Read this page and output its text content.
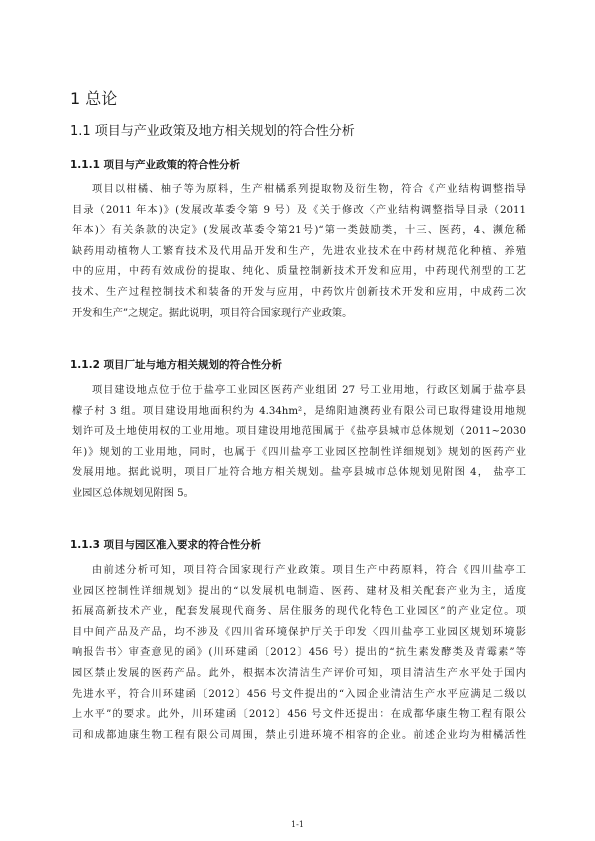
1 总论
1.1 项目与产业政策及地方相关规划的符合性分析
1.1.1 项目与产业政策的符合性分析
项目以柑橘、柚子等为原料，生产柑橘系列提取物及衍生物，符合《产业结构调整指导
目录（2011 年本)》(发展改革委令第 9 号）及《关于修改〈产业结构调整指导目录（2011
年本)〉有关条款的决定》(发展改革委令第21号)“第一类鼓励类，十三、医药，4、濒危稀
缺药用动植物人工繁育技术及代用品开发和生产，先进农业技术在中药材规范化种植、养殖
中的应用，中药有效成份的提取、纯化、质量控制新技术开发和应用，中药现代剂型的工艺
技术、生产过程控制技术和装备的开发与应用，中药饮片创新技术开发和应用，中成药二次
开发和生产”之规定。据此说明，项目符合国家现行产业政策。
1.1.2 项目厂址与地方相关规划的符合性分析
项目建设地点位于位于盐亭工业园区医药产业组团 27 号工业用地，行政区划属于盐亭县
檬子村 3 组。项目建设用地面积约为 4.34hm²，是绵阳迪澳药业有限公司已取得建设用地规
划许可及土地使用权的工业用地。项目建设用地范围属于《盐亭县城市总体规划（2011~2030
年)》规划的工业用地，同时，也属于《四川盐亭工业园区控制性详细规划》规划的医药产业
发展用地。据此说明，项目厂址符合地方相关规划。盐亭县城市总体规划见附图 4， 盐亭工
业园区总体规划见附图 5。
1.1.3 项目与园区准入要求的符合性分析
由前述分析可知，项目符合国家现行产业政策。项目生产中药原料，符合《四川盐亭工
业园区控制性详细规划》提出的“以发展机电制造、医药、建材及相关配套产业为主，适度
拓展高新技术产业，配套发展现代商务、居住服务的现代化特色工业园区”的产业定位。项
目中间产品及产品，均不涉及《四川省环境保护厅关于印发〈四川盐亭工业园区规划环境影
响报告书〉审查意见的函》(川环建函〔2012〕456 号）提出的“抗生素发酵类及青霉素”等
园区禁止发展的医药产品。此外，根据本次清洁生产评价可知，项目清洁生产水平处于国内
先进水平，符合川环建函〔2012〕456 号文件提出的“入园企业清洁生产水平应满足二级以
上水平”的要求。此外，川环建函〔2012〕456 号文件还提出：在成都华康生物工程有限公
司和成都迪康生物工程有限公司周围，禁止引进环境不相容的企业。前述企业均为柑橘活性
1-1
